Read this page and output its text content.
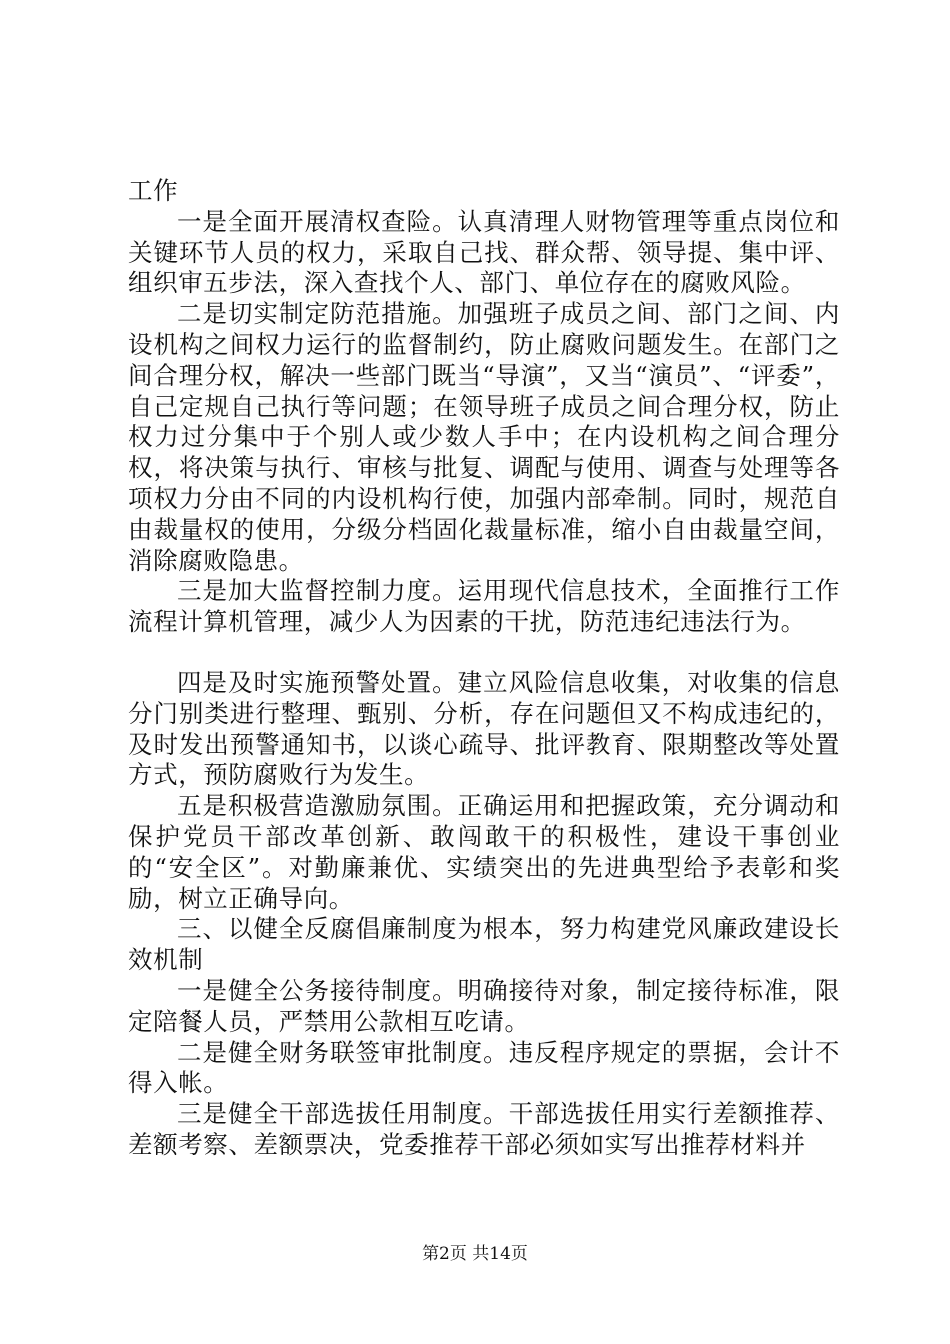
工作

一是全面开展清权查险。认真清理人财物管理等重点岗位和关键环节人员的权力，采取自己找、群众帮、领导提、集中评、组织审五步法，深入查找个人、部门、单位存在的腐败风险。

二是切实制定防范措施。加强班子成员之间、部门之间、内设机构之间权力运行的监督制约，防止腐败问题发生。在部门之间合理分权，解决一些部门既当“导演”，又当“演员”、“评委”，自己定规自己执行等问题；在领导班子成员之间合理分权，防止权力过分集中于个别人或少数人手中；在内设机构之间合理分权，将决策与执行、审核与批复、调配与使用、调查与处理等各项权力分由不同的内设机构行使，加强内部牵制。同时，规范自由裁量权的使用，分级分档固化裁量标准，缩小自由裁量空间，消除腐败隐患。

三是加大监督控制力度。运用现代信息技术，全面推行工作流程计算机管理，减少人为因素的干扰，防范违纪违法行为。

四是及时实施预警处置。建立风险信息收集，对收集的信息分门别类进行整理、甄别、分析，存在问题但又不构成违纪的，及时发出预警通知书，以谈心疏导、批评教育、限期整改等处置方式，预防腐败行为发生。

五是积极营造激励氛围。正确运用和把握政策，充分调动和保护党员干部改革创新、敢闯敢干的积极性，建设干事创业的“安全区”。对勤廉兼优、实绩突出的先进典型给予表彰和奖励，树立正确导向。

三、以健全反腐倡廉制度为根本，努力构建党风廉政建设长效机制

一是健全公务接待制度。明确接待对象，制定接待标准，限定陪餐人员，严禁用公款相互吃请。

二是健全财务联签审批制度。违反程序规定的票据，会计不得入帐。

三是健全干部选拔任用制度。干部选拔任用实行差额推荐、差额考察、差额票决，党委推荐干部必须如实写出推荐材料并

第2页 共14页
